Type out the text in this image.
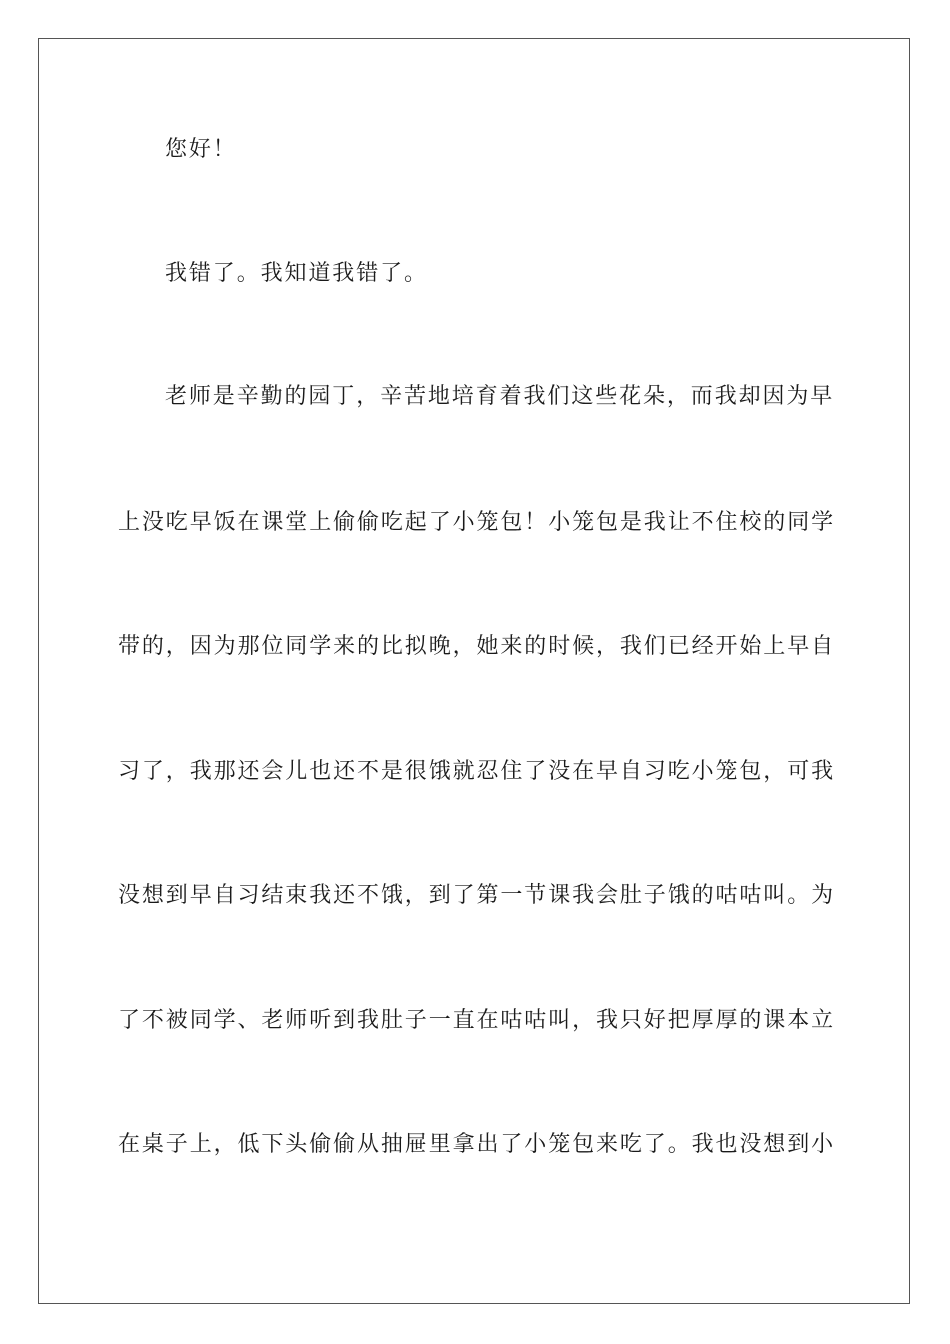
您好！
我错了。我知道我错了。
老师是辛勤的园丁，辛苦地培育着我们这些花朵，而我却因为早
上没吃早饭在课堂上偷偷吃起了小笼包！小笼包是我让不住校的同学
带的，因为那位同学来的比拟晚，她来的时候，我们已经开始上早自
习了，我那还会儿也还不是很饿就忍住了没在早自习吃小笼包，可我
没想到早自习结束我还不饿，到了第一节课我会肚子饿的咕咕叫。为
了不被同学、老师听到我肚子一直在咕咕叫，我只好把厚厚的课本立
在桌子上，低下头偷偷从抽屉里拿出了小笼包来吃了。我也没想到小
